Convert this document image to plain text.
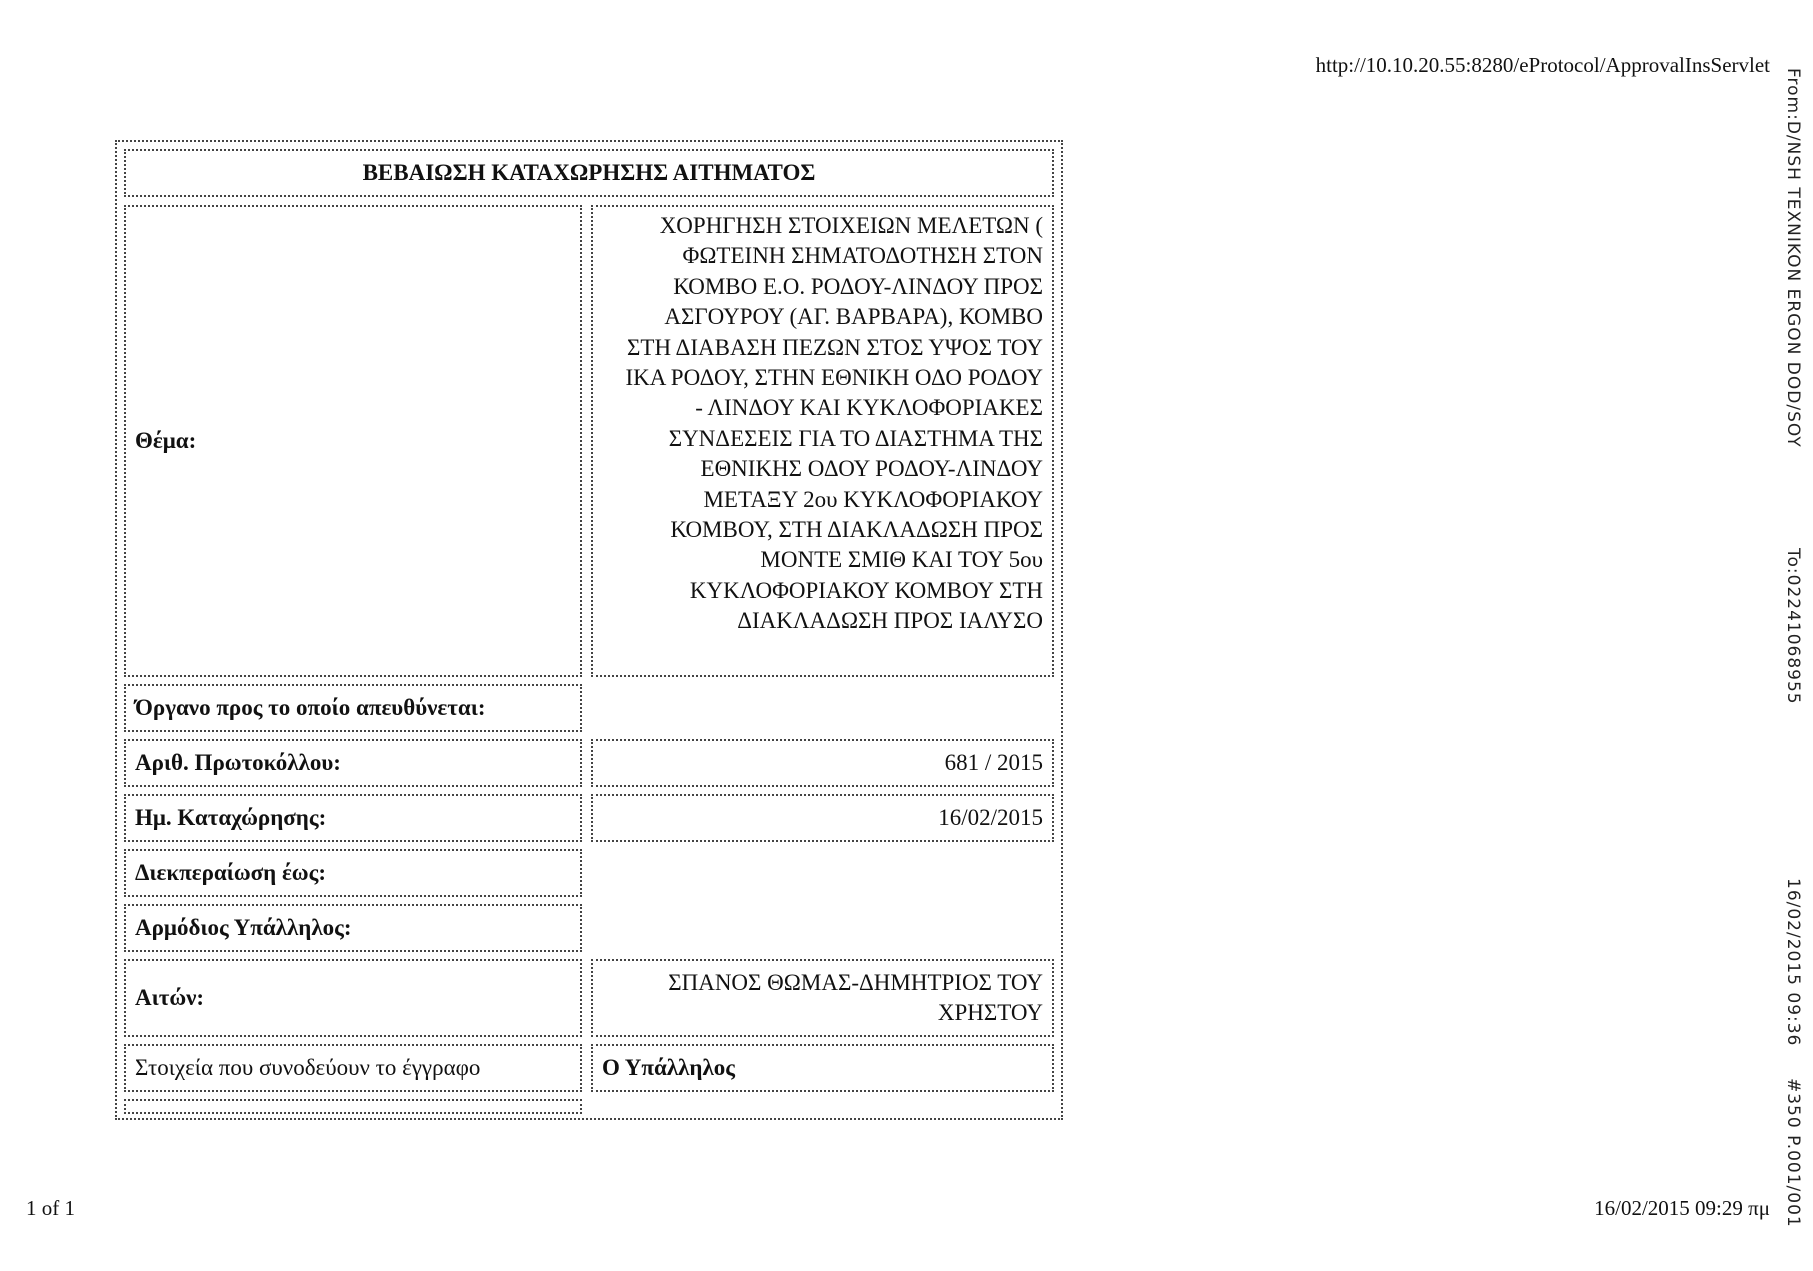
http://10.10.20.55:8280/eProtocol/ApprovalInsServlet
From:D/NSH TEXNIKON ERGON DOD/SOY
To:02241068955
16/02/2015 09:36
#350 P.001/001
ΒΕΒΑΙΩΣΗ ΚΑΤΑΧΩΡΗΣΗΣ ΑΙΤΗΜΑΤΟΣ
Θέμα:
ΧΟΡΗΓΗΣΗ ΣΤΟΙΧΕΙΩΝ ΜΕΛΕΤΩΝ ( ΦΩΤΕΙΝΗ ΣΗΜΑΤΟΔΟΤΗΣΗ ΣΤΟΝ ΚΟΜΒΟ Ε.Ο. ΡΟΔΟΥ-ΛΙΝΔΟΥ ΠΡΟΣ ΑΣΓΟΥΡΟΥ (ΑΓ. ΒΑΡΒΑΡΑ), ΚΟΜΒΟ ΣΤΗ ΔΙΑΒΑΣΗ ΠΕΖΩΝ ΣΤΟΣ ΥΨΟΣ ΤΟΥ ΙΚΑ ΡΟΔΟΥ, ΣΤΗΝ ΕΘΝΙΚΗ ΟΔΟ ΡΟΔΟΥ - ΛΙΝΔΟΥ ΚΑΙ ΚΥΚΛΟΦΟΡΙΑΚΕΣ ΣΥΝΔΕΣΕΙΣ ΓΙΑ ΤΟ ΔΙΑΣΤΗΜΑ ΤΗΣ ΕΘΝΙΚΗΣ ΟΔΟΥ ΡΟΔΟΥ-ΛΙΝΔΟΥ ΜΕΤΑΞΥ 2ου ΚΥΚΛΟΦΟΡΙΑΚΟΥ ΚΟΜΒΟΥ, ΣΤΗ ΔΙΑΚΛΑΔΩΣΗ ΠΡΟΣ ΜΟΝΤΕ ΣΜΙΘ ΚΑΙ ΤΟΥ 5ου ΚΥΚΛΟΦΟΡΙΑΚΟΥ ΚΟΜΒΟΥ ΣΤΗ ΔΙΑΚΛΑΔΩΣΗ ΠΡΟΣ ΙΑΛΥΣΟ
Όργανο προς το οποίο απευθύνεται:
Αριθ. Πρωτοκόλλου:	681 / 2015
Ημ. Καταχώρησης:	16/02/2015
Διεκπεραίωση έως:
Αρμόδιος Υπάλληλος:
Αιτών:
ΣΠΑΝΟΣ ΘΩΜΑΣ-ΔΗΜΗΤΡΙΟΣ ΤΟΥ ΧΡΗΣΤΟΥ
Στοιχεία που συνοδεύουν το έγγραφο	Ο Υπάλληλος
1 of 1	16/02/2015 09:29 πμ
